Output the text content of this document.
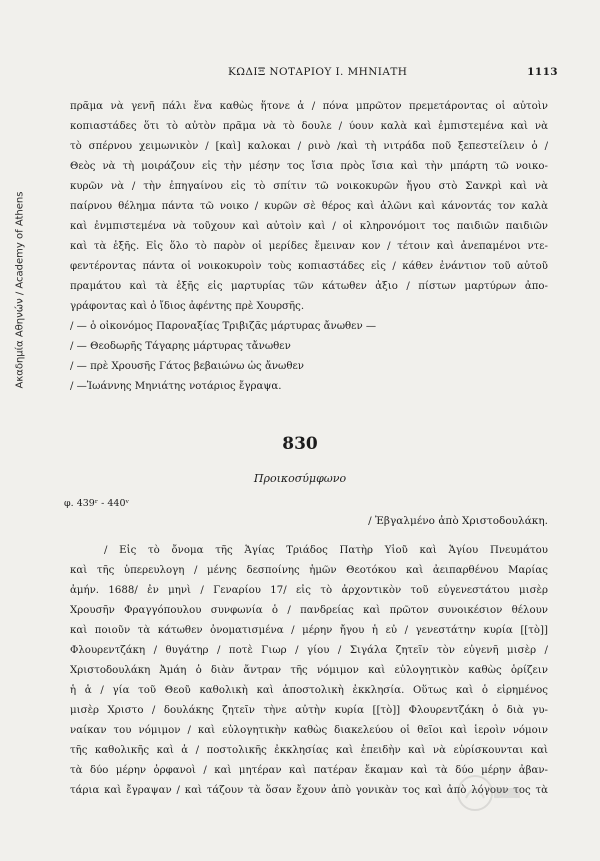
Ακαδημία Αθηνών / Academy of Athens
ΚΩΔΙΞ ΝΟΤΑΡΙΟΥ Ι. ΜΗΝΙΑΤΗ	1113
πρᾶμα νὰ γενῆ πάλι ἕνα καθὼς ἥτονε ἀ / πόνα μπρῶτον πρεμετάροντας οἱ αὐτοὶν
κοπιαστάδες ὅτι τὸ αὐτὸν πρᾶμα νὰ τὸ δουλε / ύουν καλὰ καὶ ἐμπιστεμένα καὶ νὰ
τὸ σπέρνου χειμωνικὸν / [καὶ] καλοκαι / ρινὸ /καὶ τὴ νιτράδα ποῦ ξεπεστείλειν ὁ /
Θεὸς νὰ τὴ μοιράζουν εἰς τὴν μέσην τος ἴσια πρὸς ἴσια καὶ τὴν μπάρτη τῶ νοικο-
κυρῶν νὰ / τὴν ἐπηγαίνου εἰς τὸ σπίτιν τῶ νοικοκυρῶν ἤγου στὸ Σανκρὶ καὶ νὰ
παίρνου θέλημα πάντα τῶ νοικο / κυρῶν σὲ θέρος καὶ ἁλῶνι καὶ κάνοντάς τον καλὰ
καὶ ἐνμπιστεμένα νὰ τοῦχουν καὶ αὐτοὶν καὶ / οἱ κληρονόμοιτ τος παιδιῶν παιδιῶν
καὶ τὰ ἑξῆς. Εἰς ὅλο τὸ παρὸν οἱ μερίδες ἔμειναν κον / τέτοιν καὶ ἀνεπαμένοι ντε-
φεντέροντας πάντα οἱ νοικοκυροὶν τοὺς κοπιαστάδες εἰς / κάθεν ἐνάντιον τοῦ αὐτοῦ
πραμάτου καὶ τὰ ἑξῆς εἰς μαρτυρίας τῶν κάτωθεν ἀξιο / πίστων μαρτύρων ἀπο-
γράφοντας καὶ ὁ ἴδιος ἀφέντης πρὲ Χουρσῆς.
/ — ὁ οἰκονόμος Παροναξίας Τριβιζᾶς μάρτυρας ἄνωθεν —
/ — Θεοδωρῆς Τάγαρης μάρτυρας τἄνωθεν
/ — πρὲ Χρουσῆς Γάτος βεβαιώνω ὡς ἄνωθεν
/ —Ἰωάννης Μηνιάτης νοτάριος ἔγραψα.
830
Προικοσύμφωνο
φ. 439ʳ - 440ᵛ
/ Ἐβγαλμένο ἀπὸ Χριστοδουλάκη.
/ Εἰς τὸ ὄνομα τῆς Ἁγίας Τριάδος Πατὴρ Υἱοῦ καὶ Ἁγίου Πνευμάτου
καὶ τῆς ὑπερευλογη / μένης δεσποίνης ἡμῶν Θεοτόκου καὶ ἀειπαρθένου Μαρίας
ἀμήν. 1688/ ἐν μηνὶ / Γεναρίου 17/ εἰς τὸ ἀρχοντικὸν τοῦ εὐγενεστάτου μισὲρ
Χρουσῆν Φραγγόπουλου συνφωνία ὁ / πανδρείας καὶ πρῶτον συνοικέσιον θέλουν
καὶ ποιοῦν τὰ κάτωθεν ὀνοματισμένα / μέρην ἤγου ἡ εὐ / γενεστάτην κυρία [[τὸ]]
Φλουρεντζάκη / θυγάτηρ / ποτὲ Γιωρ / γίου / Σιγάλα ζητεῖν τὸν εὐγενῆ μισὲρ /
Χριστοδουλάκη Ἀμάη ὁ διὰν ἄντραν τῆς νόμιμον καὶ εὐλογητικὸν καθὼς ὁρίζειν
ἡ ἁ / γία τοῦ Θεοῦ καθολικὴ καὶ ἀποστολικὴ ἐκκλησία. Οὕτως καὶ ὁ εἰρημένος
μισὲρ Χριστο / δουλάκης ζητεῖν τὴνε αὐτὴν κυρία [[τὸ]] Φλουρεντζάκη ὁ διὰ γυ-
ναίκαν του νόμιμον / καὶ εὐλογητικὴν καθὼς διακελεύου οἱ θεῖοι καὶ ἱεροὶν νόμοιν
τῆς καθολικῆς καὶ ἁ / ποστολικῆς ἐκκλησίας καὶ ἐπειδὴν καὶ νὰ εὑρίσκουνται καὶ
τὰ δύο μέρην ὀρφανοὶ / καὶ μητέραν καὶ πατέραν ἔκαμαν καὶ τὰ δύο μέρην ἀβαν-
τάρια καὶ ἔγραψαν / καὶ τάζουν τὰ ὅσαν ἔχουν ἀπὸ γονικὰν τος καὶ ἀπὸ λόγουν τος τὰ
